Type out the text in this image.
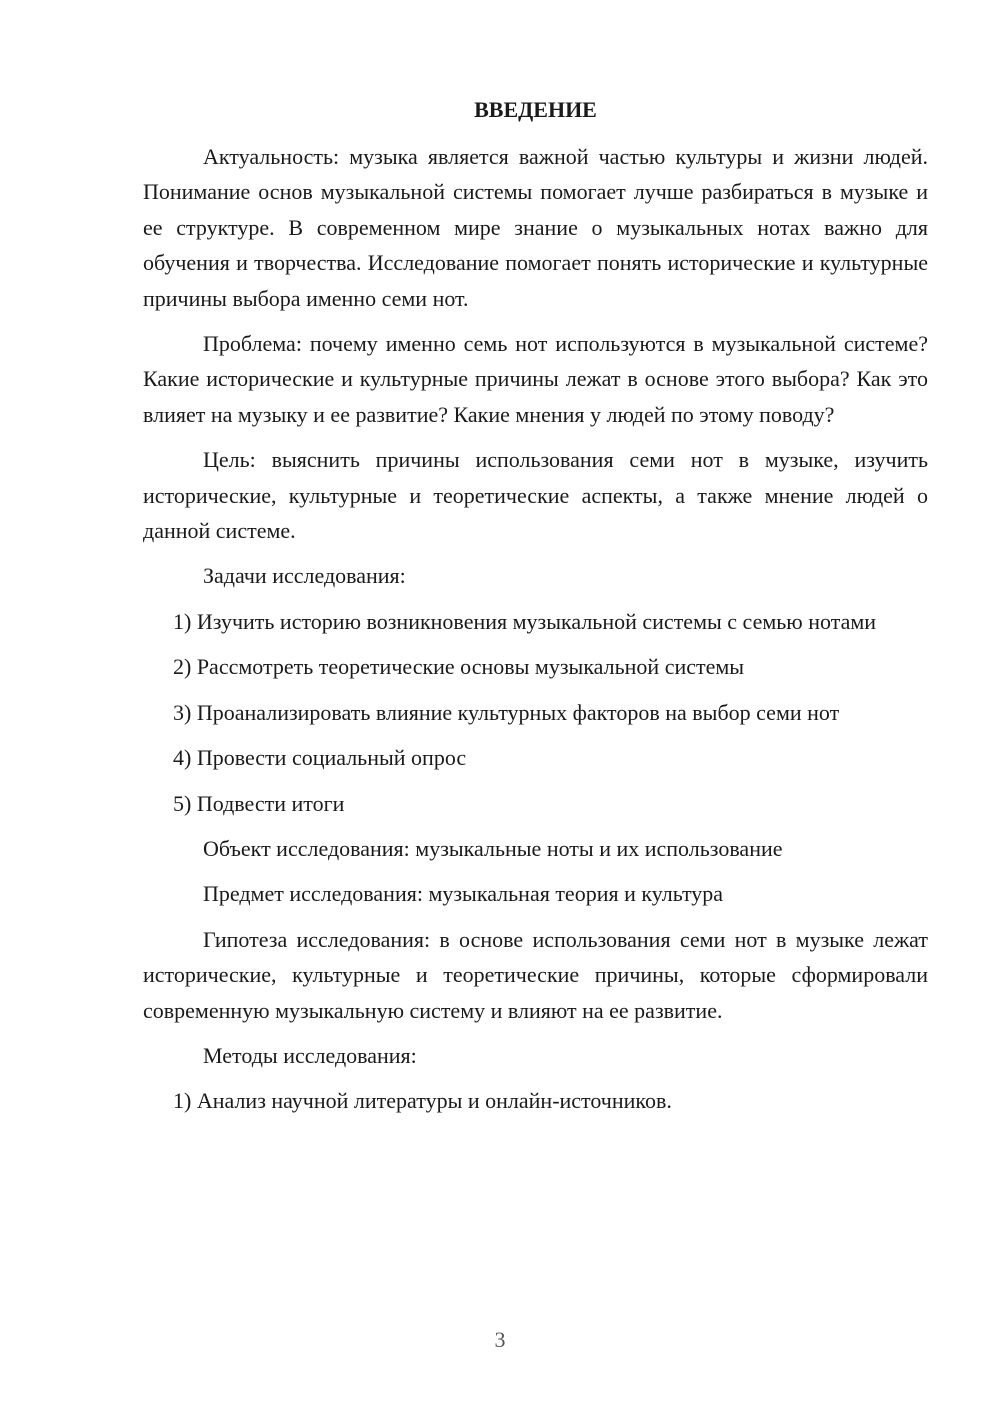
ВВЕДЕНИЕ

Актуальность: музыка является важной частью культуры и жизни людей. Понимание основ музыкальной системы помогает лучше разбираться в музыке и ее структуре. В современном мире знание о музыкальных нотах важно для обучения и творчества. Исследование помогает понять исторические и культурные причины выбора именно семи нот.

Проблема: почему именно семь нот используются в музыкальной системе? Какие исторические и культурные причины лежат в основе этого выбора? Как это влияет на музыку и ее развитие? Какие мнения у людей по этому поводу?

Цель: выяснить причины использования семи нот в музыке, изучить исторические, культурные и теоретические аспекты, а также мнение людей о данной системе.

Задачи исследования:

1) Изучить историю возникновения музыкальной системы с семью нотами

2) Рассмотреть теоретические основы музыкальной системы

3) Проанализировать влияние культурных факторов на выбор семи нот

4) Провести социальный опрос

5) Подвести итоги

Объект исследования: музыкальные ноты и их использование

Предмет исследования: музыкальная теория и культура

Гипотеза исследования: в основе использования семи нот в музыке лежат исторические, культурные и теоретические причины, которые сформировали современную музыкальную систему и влияют на ее развитие.

Методы исследования:

1) Анализ научной литературы и онлайн-источников.

3
